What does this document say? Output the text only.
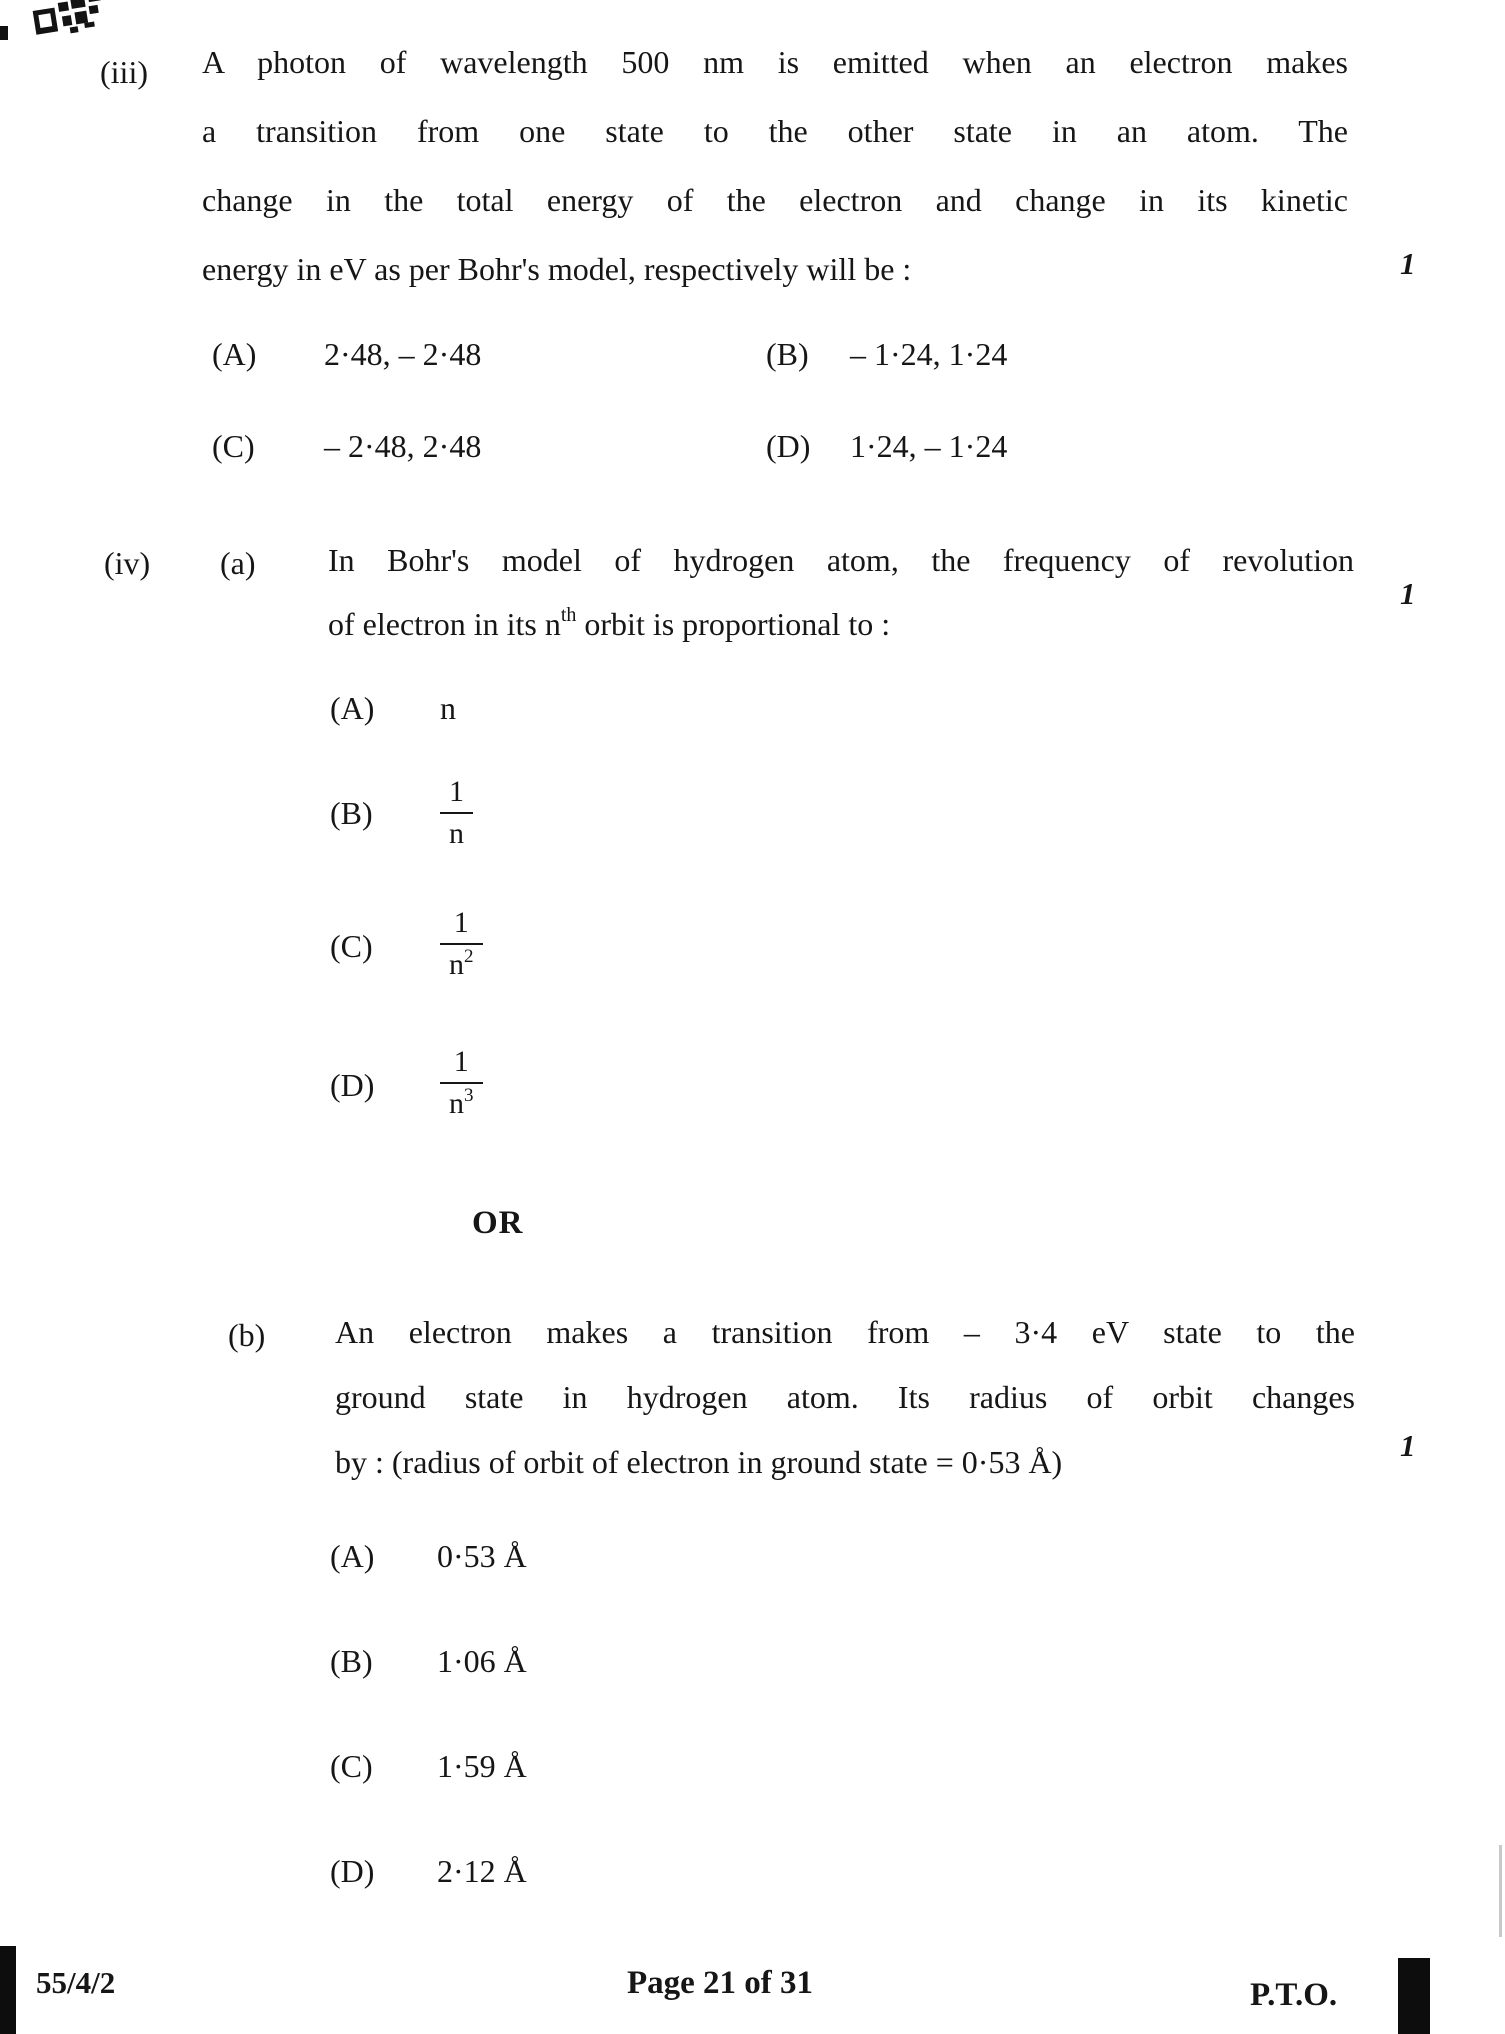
(iii) A photon of wavelength 500 nm is emitted when an electron makes
a transition from one state to the other state in an atom. The
change in the total energy of the electron and change in its kinetic
energy in eV as per Bohr's model, respectively will be :	1
(A)	2·48, – 2·48	(B)	– 1·24, 1·24
(C)	– 2·48, 2·48	(D)	1·24, – 1·24
(iv) (a) In Bohr's model of hydrogen atom, the frequency of revolution
of electron in its $n^{th}$ orbit is proportional to :
1
(A)	n
(B)	$\frac{1}{n}$
(C)	$\frac{1}{n^2}$
(D)	$\frac{1}{n^3}$
OR
(b) An electron makes a transition from – 3·4 eV state to the
ground state in hydrogen atom. Its radius of orbit changes
by : (radius of orbit of electron in ground state = 0·53 Å)	1
(A)	0·53 Å
(B)	1·06 Å
(C)	1·59 Å
(D)	2·12 Å
55/4/2	Page 21 of 31	P.T.O.
